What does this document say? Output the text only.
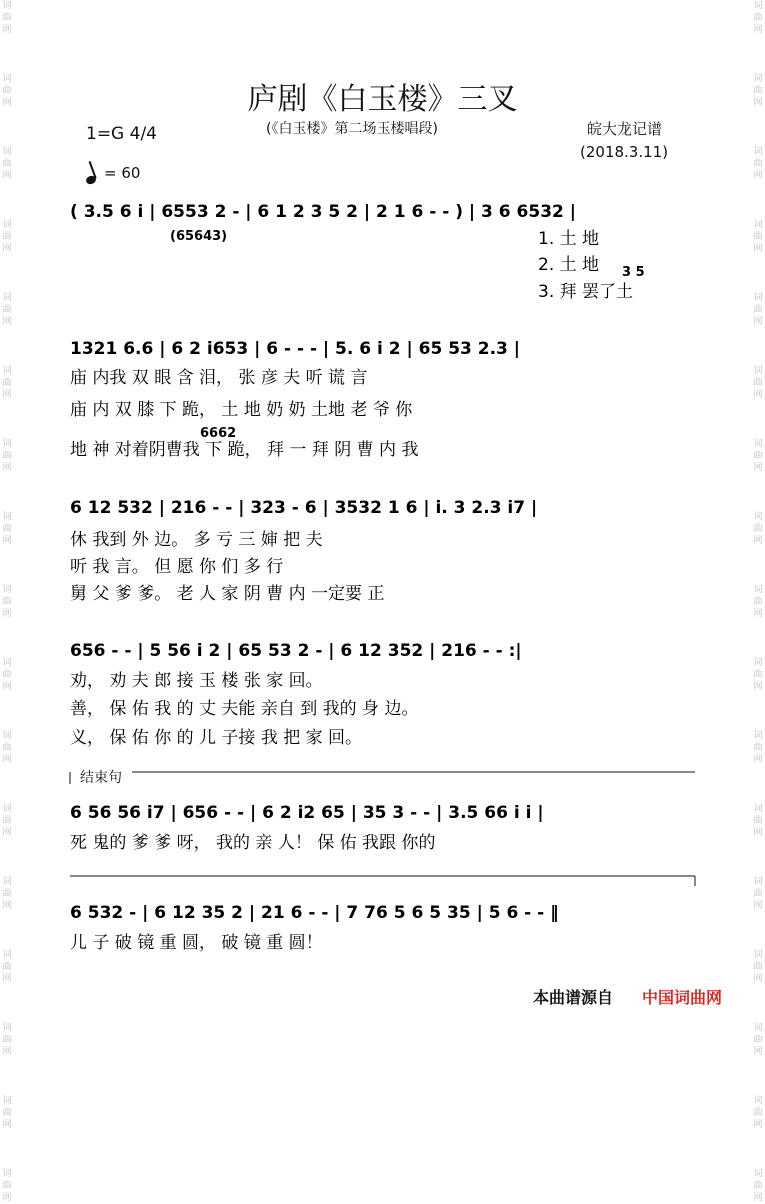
词曲网
词曲网
词曲网
词曲网
词曲网
词曲网
词曲网
词曲网
词曲网
词曲网
词曲网
词曲网
词曲网
词曲网
词曲网
词曲网
词曲网
词曲网
词曲网
词曲网
词曲网
词曲网
词曲网
词曲网
词曲网
词曲网
词曲网
词曲网
词曲网
词曲网
词曲网
词曲网
词曲网
词曲网
庐剧《白玉楼》三叉
(《白玉楼》第二场玉楼唱段)	皖大龙记谱
(2018.3.11)
1=G 4/4
= 60
( 3.5 6 i | 6553 2 - | 6 1 2 3 5 2 | 2 1 6 - - ) | 3 6 6532 |
(65643)	1. 土 地
3 5
2. 土 地
3. 拜 罢了土
1321 6.6 | 6 2 i653 | 6 - - - | 5. 6 i 2 | 65 53 2.3 |
庙 内我 双 眼 含 泪， 张 彦 夫 听 谎 言
庙 内 双 膝 下 跪， 土 地 奶 奶 土地 老 爷 你
6662
地 神 对着阴曹我 下 跪， 拜 一 拜 阴 曹 内 我
6 12 532 | 216 - - | 323 - 6 | 3532 1 6 | i. 3 2.3 i7 |
休 我到 外 边。 多 亏 三 婶 把 夫
听 我 言。 但 愿 你 们 多 行
舅 父 爹 爹。 老 人 家 阴 曹 内 一定要 正
656 - - | 5 56 i 2 | 65 53 2 - | 6 12 352 | 216 - - :|
劝， 劝 夫 郎 接 玉 楼 张 家 回。
善， 保 佑 我 的 丈 夫能 亲自 到 我的 身 边。
义， 保 佑 你 的 儿 子接 我 把 家 回。
6 56 56 i7 | 656 - - | 6 2 i2 65 | 35 3 - - | 3.5 66 i i |
死 鬼的 爹 爹 呀， 我的 亲 人！ 保 佑 我跟 你的
6 532 - | 6 12 35 2 | 21 6 - - | 7 76 5 6 5 35 | 5 6 - - ‖
儿 子 破 镜 重 圆， 破 镜 重 圆！
结束句
本曲谱源自 中国词曲网
